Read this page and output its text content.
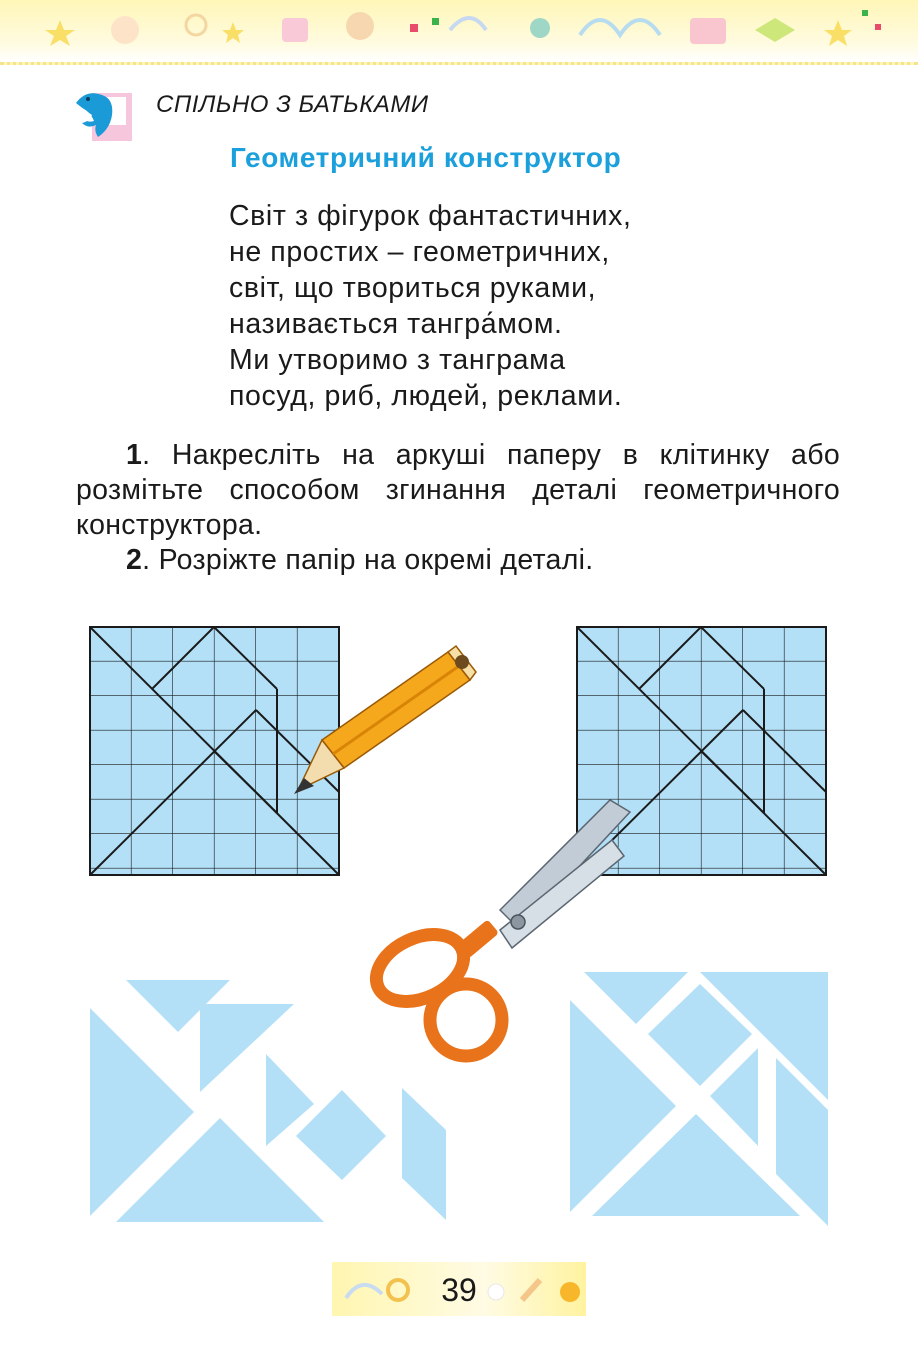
СПІЛЬНО З БАТЬКАМИ
Геометричний конструктор
Світ з фігурок фантастичних,
не простих – геометричних,
світ, що твориться руками,
називається тангра́мом.
Ми утворимо з танграма
посуд, риб, людей, реклами.
1. Накресліть на аркуші паперу в клітинку або розмітьте способом згинання деталі геометричного конструктора.
2. Розріжте папір на окремі деталі.
39
